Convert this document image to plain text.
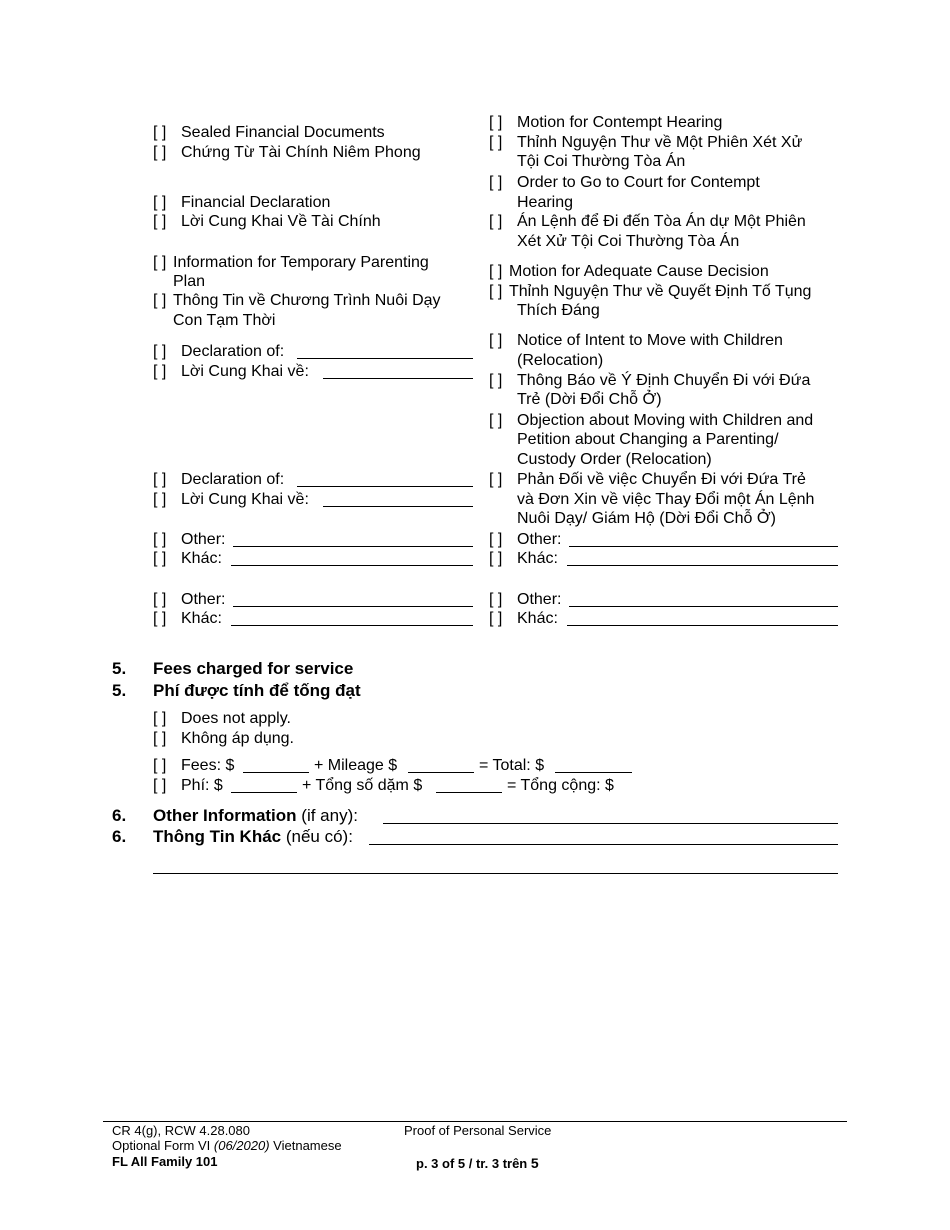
[ ] Sealed Financial Documents
[ ] Chứng Từ Tài Chính Niêm Phong
[ ] Financial Declaration
[ ] Lời Cung Khai Về Tài Chính
[ ] Information for Temporary Parenting
Plan
[ ] Thông Tin về Chương Trình Nuôi Dạy
Con Tạm Thời
[ ] Declaration of:
[ ] Lời Cung Khai về:
[ ] Declaration of:
[ ] Lời Cung Khai về:
[ ] Other:
[ ] Khác:
[ ] Other:
[ ] Khác:
[ ] Motion for Contempt Hearing
[ ] Thỉnh Nguyện Thư về Một Phiên Xét Xử
Tội Coi Thường Tòa Án
[ ] Order to Go to Court for Contempt
Hearing
[ ] Án Lệnh để Đi đến Tòa Án dự Một Phiên
Xét Xử Tội Coi Thường Tòa Án
[ ] Motion for Adequate Cause Decision
[ ] Thỉnh Nguyện Thư về Quyết Định Tố Tụng
Thích Đáng
[ ] Notice of Intent to Move with Children
(Relocation)
[ ] Thông Báo về Ý Định Chuyển Đi với Đứa
Trẻ (Dời Đổi Chỗ Ở)
[ ] Objection about Moving with Children and
Petition about Changing a Parenting/
Custody Order (Relocation)
[ ] Phản Đối về việc Chuyển Đi với Đứa Trẻ
và Đơn Xin về việc Thay Đổi một Án Lệnh
Nuôi Dạy/ Giám Hộ (Dời Đổi Chỗ Ở)
[ ] Other:
[ ] Khác:
[ ] Other:
[ ] Khác:
5. Fees charged for service
5. Phí được tính để tống đạt
[ ] Does not apply.
[ ] Không áp dụng.
[ ] Fees: $	+ Mileage $	= Total: $
[ ] Phí: $	+ Tổng số dặm $	= Tổng cộng: $
6. Other Information (if any):
6. Thông Tin Khác (nếu có):
CR 4(g), RCW 4.28.080
Optional Form VI (06/2020) Vietnamese
FL All Family 101
Proof of Personal Service
p. 3 of 5 / tr. 3 trên 5
